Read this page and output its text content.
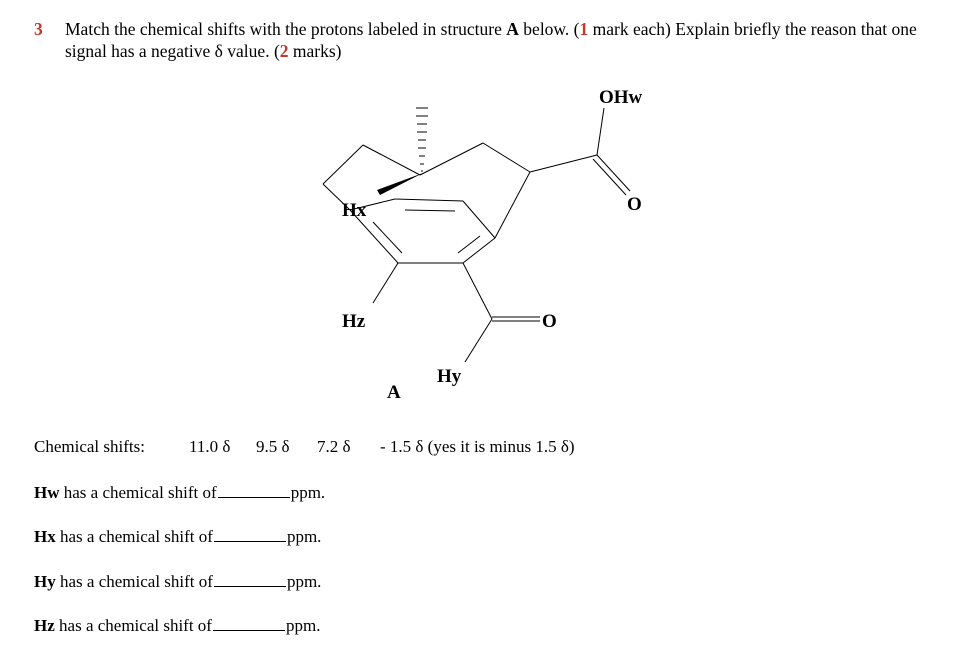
3 Match the chemical shifts with the protons labeled in structure A below. (1 mark each) Explain briefly the reason that one signal has a negative δ value. (2 marks)
OHw
O
Hx
Hz	O
Hy
A
Chemical shifts:	11.0 δ 9.5 δ 7.2 δ - 1.5 δ (yes it is minus 1.5 δ)
Hw has a chemical shift of	ppm.
Hx has a chemical shift of	ppm.
Hy has a chemical shift of	ppm.
Hz has a chemical shift of	ppm.
